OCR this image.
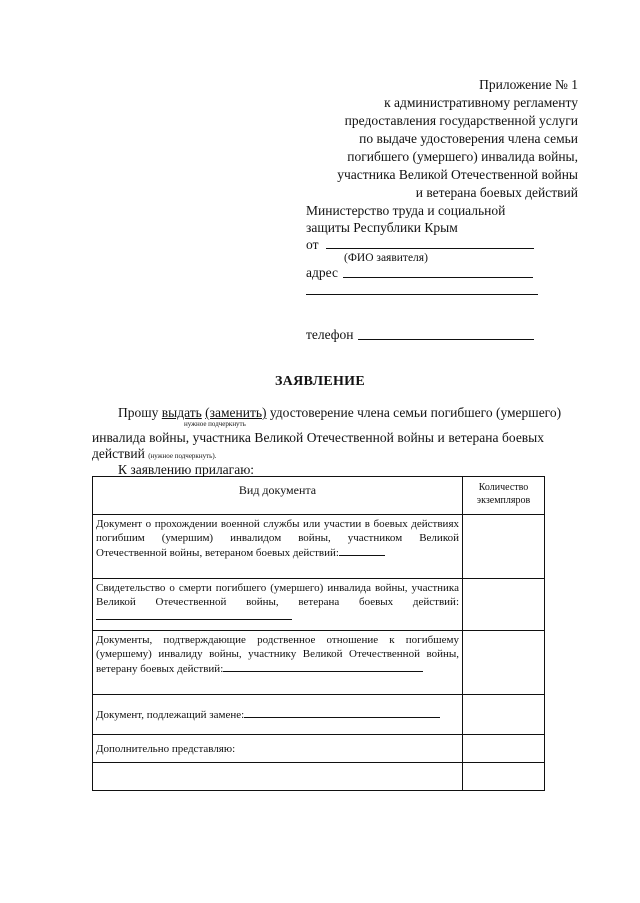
Приложение № 1
к административному регламенту
предоставления государственной услуги
по выдаче удостоверения члена семьи
погибшего (умершего) инвалида войны,
участника Великой Отечественной войны
и ветерана боевых действий
Министерство труда и социальной
защиты Республики Крым
от
(ФИО заявителя)
адрес
телефон
ЗАЯВЛЕНИЕ
Прошу выдать (заменить) удостоверение члена семьи погибшего (умершего)
нужное подчеркнуть
инвалида войны, участника Великой Отечественной войны и ветерана боевых
действий (нужное подчеркнуть).
К заявлению прилагаю:
Вид документа	Количество экземпляров
Документ о прохождении военной службы или участии в боевых действиях погибшим (умершим) инвалидом войны, участником Великой Отечественной войны, ветераном боевых действий:	
Свидетельство о смерти погибшего (умершего) инвалида войны, участника Великой Отечественной войны, ветерана боевых действий:	
Документы, подтверждающие родственное отношение к погибшему (умершему) инвалиду войны, участнику Великой Отечественной войны, ветерану боевых действий:	
Документ, подлежащий замене:	
Дополнительно представляю:	
